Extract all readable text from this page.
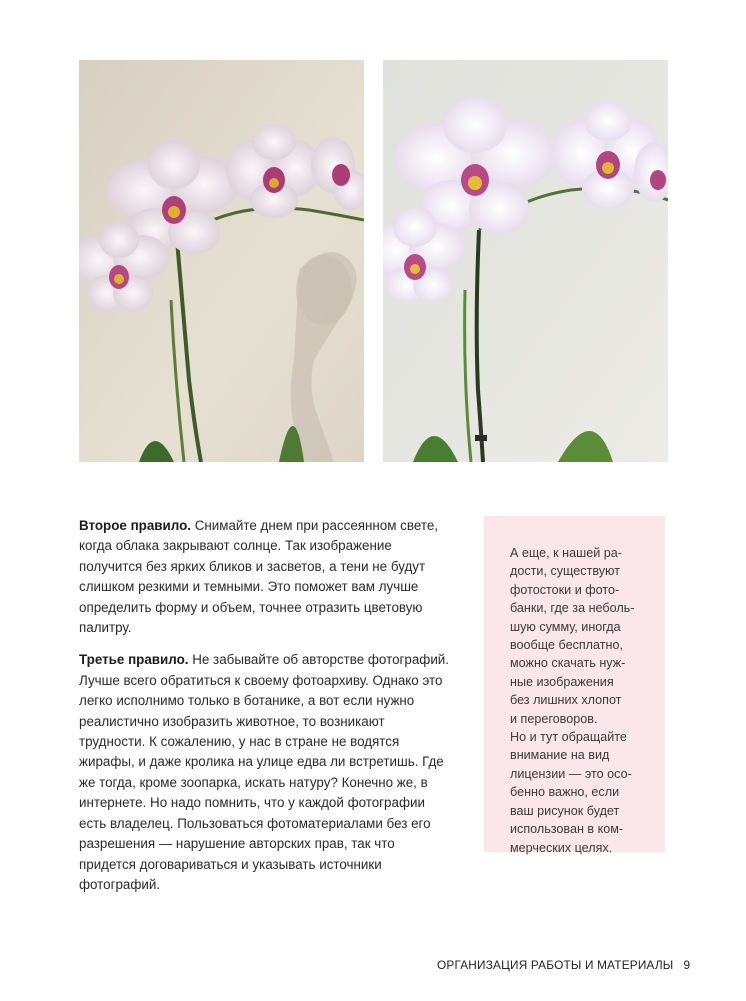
Второе правило. Снимайте днем при рассеянном свете, когда облака закрывают солнце. Так изображение получится без ярких бликов и засветов, а тени не будут слишком резкими и темными. Это поможет вам лучше определить форму и объем, точнее отразить цветовую палитру.

Третье правило. Не забывайте об авторстве фотографий. Лучше всего обратиться к своему фотоархиву. Однако это легко исполнимо только в ботанике, а вот если нужно реалистично изобразить животное, то возникают трудности. К сожалению, у нас в стране не водятся жирафы, и даже кролика на улице едва ли встретишь. Где же тогда, кроме зоопарка, искать натуру? Конечно же, в интернете. Но надо помнить, что у каждой фотографии есть владелец. Пользоваться фотоматериалами без его разрешения — нарушение авторских прав, так что придется договариваться и указывать источники фотографий.

А еще, к нашей ра-
дости, существуют
фотостоки и фото-
банки, где за неболь-
шую сумму, иногда
вообще бесплатно,
можно скачать нуж-
ные изображения
без лишних хлопот
и переговоров.
Но и тут обращайте
внимание на вид
лицензии — это осо-
бенно важно, если
ваш рисунок будет
использован в ком-
мерческих целях.
ОРГАНИЗАЦИЯ РАБОТЫ И МАТЕРИАЛЫ 9
